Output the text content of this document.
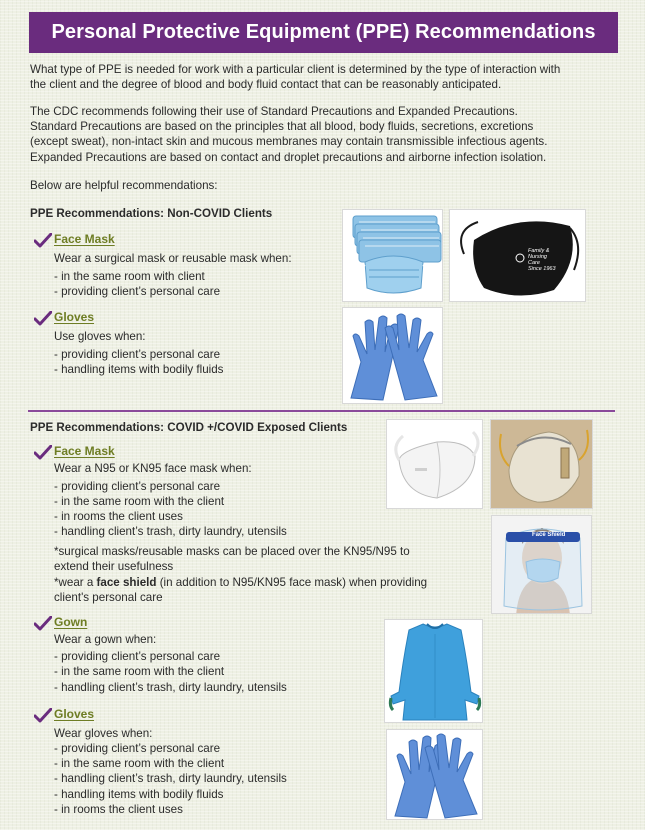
Personal Protective Equipment (PPE) Recommendations
What type of PPE is needed for work with a particular client is determined by the type of interaction with
the client and the degree of blood and body fluid contact that can be reasonably anticipated.
The CDC recommends following their use of Standard Precautions and Expanded Precautions.
Standard Precautions are based on the principles that all blood, body fluids, secretions, excretions
(except sweat), non-intact skin and mucous membranes may contain transmissible infectious agents.
Expanded Precautions are based on contact and droplet precautions and airborne infection isolation.
Below are helpful recommendations:
PPE Recommendations: Non-COVID Clients
Face Mask
Wear a surgical mask or reusable mask when:
- in the same room with client
- providing client’s personal care
Gloves
Use gloves when:
- providing client’s personal care
- handling items with bodily fluids
Family &
Nursing
Care
Since 1963
PPE Recommendations: COVID +/COVID Exposed Clients
Face Mask
Wear a N95 or KN95 face mask when:
- providing client’s personal care
- in the same room with the client
- in rooms the client uses
- handling client’s trash, dirty laundry, utensils
*surgical masks/reusable masks can be placed over the KN95/N95 to
extend their usefulness
*wear a face shield (in addition to N95/KN95 face mask) when providing
client's personal care
Gown
Wear a gown when:
- providing client’s personal care
- in the same room with the client
- handling client’s trash, dirty laundry, utensils
Gloves
Wear gloves when:
- providing client’s personal care
- in the same room with the client
- handling client’s trash, dirty laundry, utensils
- handling items with bodily fluids
- in rooms the client uses
Face Shield
